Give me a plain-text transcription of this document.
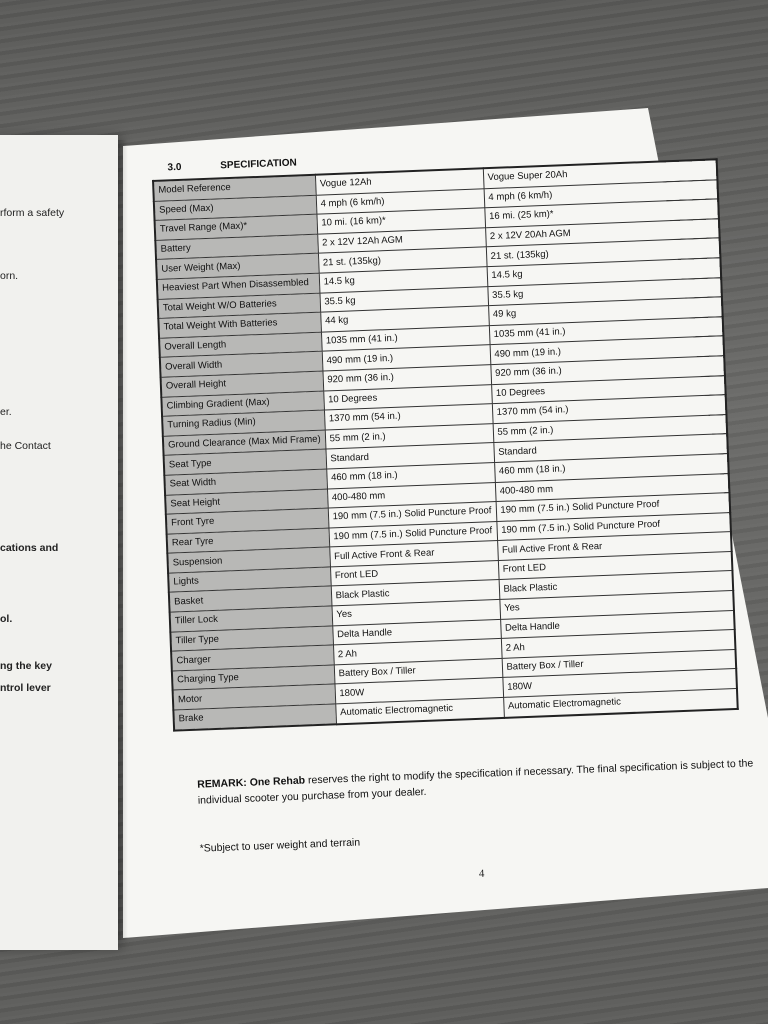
rform a safety
orn.
er.
he Contact
cations and
ol.
ng the key
ntrol lever
3.0	SPECIFICATION
Model Reference	Vogue 12Ah	Vogue Super 20Ah
Speed (Max)	4 mph (6 km/h)	4 mph (6 km/h)
Travel Range (Max)*	10 mi. (16 km)*	16 mi. (25 km)*
Battery	2 x 12V 12Ah AGM	2 x 12V 20Ah AGM
User Weight (Max)	21 st. (135kg)	21 st. (135kg)
Heaviest Part When Disassembled	14.5 kg	14.5 kg
Total Weight W/O Batteries	35.5 kg	35.5 kg
Total Weight With Batteries	44 kg	49 kg
Overall Length	1035 mm (41 in.)	1035 mm (41 in.)
Overall Width	490 mm (19 in.)	490 mm (19 in.)
Overall Height	920 mm (36 in.)	920 mm (36 in.)
Climbing Gradient (Max)	10 Degrees	10 Degrees
Turning Radius (Min)	1370 mm (54 in.)	1370 mm (54 in.)
Ground Clearance (Max Mid Frame)	55 mm (2 in.)	55 mm (2 in.)
Seat Type	Standard	Standard
Seat Width	460 mm (18 in.)	460 mm (18 in.)
Seat Height	400-480 mm	400-480 mm
Front Tyre	190 mm (7.5 in.) Solid Puncture Proof	190 mm (7.5 in.) Solid Puncture Proof
Rear Tyre	190 mm (7.5 in.) Solid Puncture Proof	190 mm (7.5 in.) Solid Puncture Proof
Suspension	Full Active Front & Rear	Full Active Front & Rear
Lights	Front LED	Front LED
Basket	Black Plastic	Black Plastic
Tiller Lock	Yes	Yes
Tiller Type	Delta Handle	Delta Handle
Charger	2 Ah	2 Ah
Charging Type	Battery Box / Tiller	Battery Box / Tiller
Motor	180W	180W
Brake	Automatic Electromagnetic	Automatic Electromagnetic
REMARK: One Rehab reserves the right to modify the specification if necessary. The final specification is subject to the individual scooter you purchase from your dealer.
*Subject to user weight and terrain
4
